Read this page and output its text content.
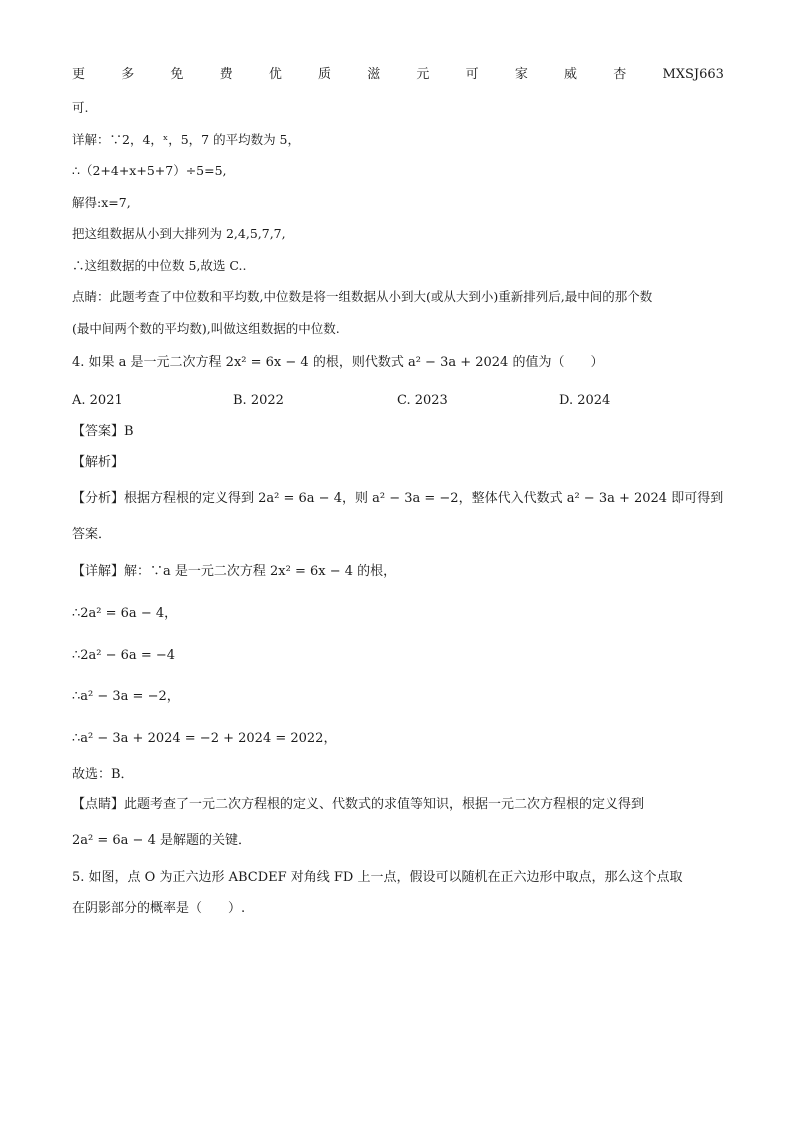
更	多	免	费	优	质	滋	元	可	家	威	杏	MXSJ663
可.
详解：∵2，4，ˣ，5，7 的平均数为 5，
∴（2+4+x+5+7）÷5=5,
解得:x=7,
把这组数据从小到大排列为 2,4,5,7,7,
∴这组数据的中位数 5,故选 C..
点睛：此题考查了中位数和平均数,中位数是将一组数据从小到大(或从大到小)重新排列后,最中间的那个数
(最中间两个数的平均数),叫做这组数据的中位数.
4. 如果 a 是一元二次方程 2x² = 6x − 4 的根，则代数式 a² − 3a + 2024 的值为（　　）
A. 2021	B. 2022	C. 2023	D. 2024
【答案】B
【解析】
【分析】根据方程根的定义得到 2a² = 6a − 4，则 a² − 3a = −2，整体代入代数式 a² − 3a + 2024 即可得到
答案．
【详解】解：∵a 是一元二次方程 2x² = 6x − 4 的根，
∴2a² = 6a − 4，
∴2a² − 6a = −4
∴a² − 3a = −2，
∴a² − 3a + 2024 = −2 + 2024 = 2022，
故选：B．
【点睛】此题考查了一元二次方程根的定义、代数式的求值等知识，根据一元二次方程根的定义得到
2a² = 6a − 4 是解题的关键．
5. 如图，点 O 为正六边形 ABCDEF 对角线 FD 上一点，假设可以随机在正六边形中取点，那么这个点取
在阴影部分的概率是（　　）.
